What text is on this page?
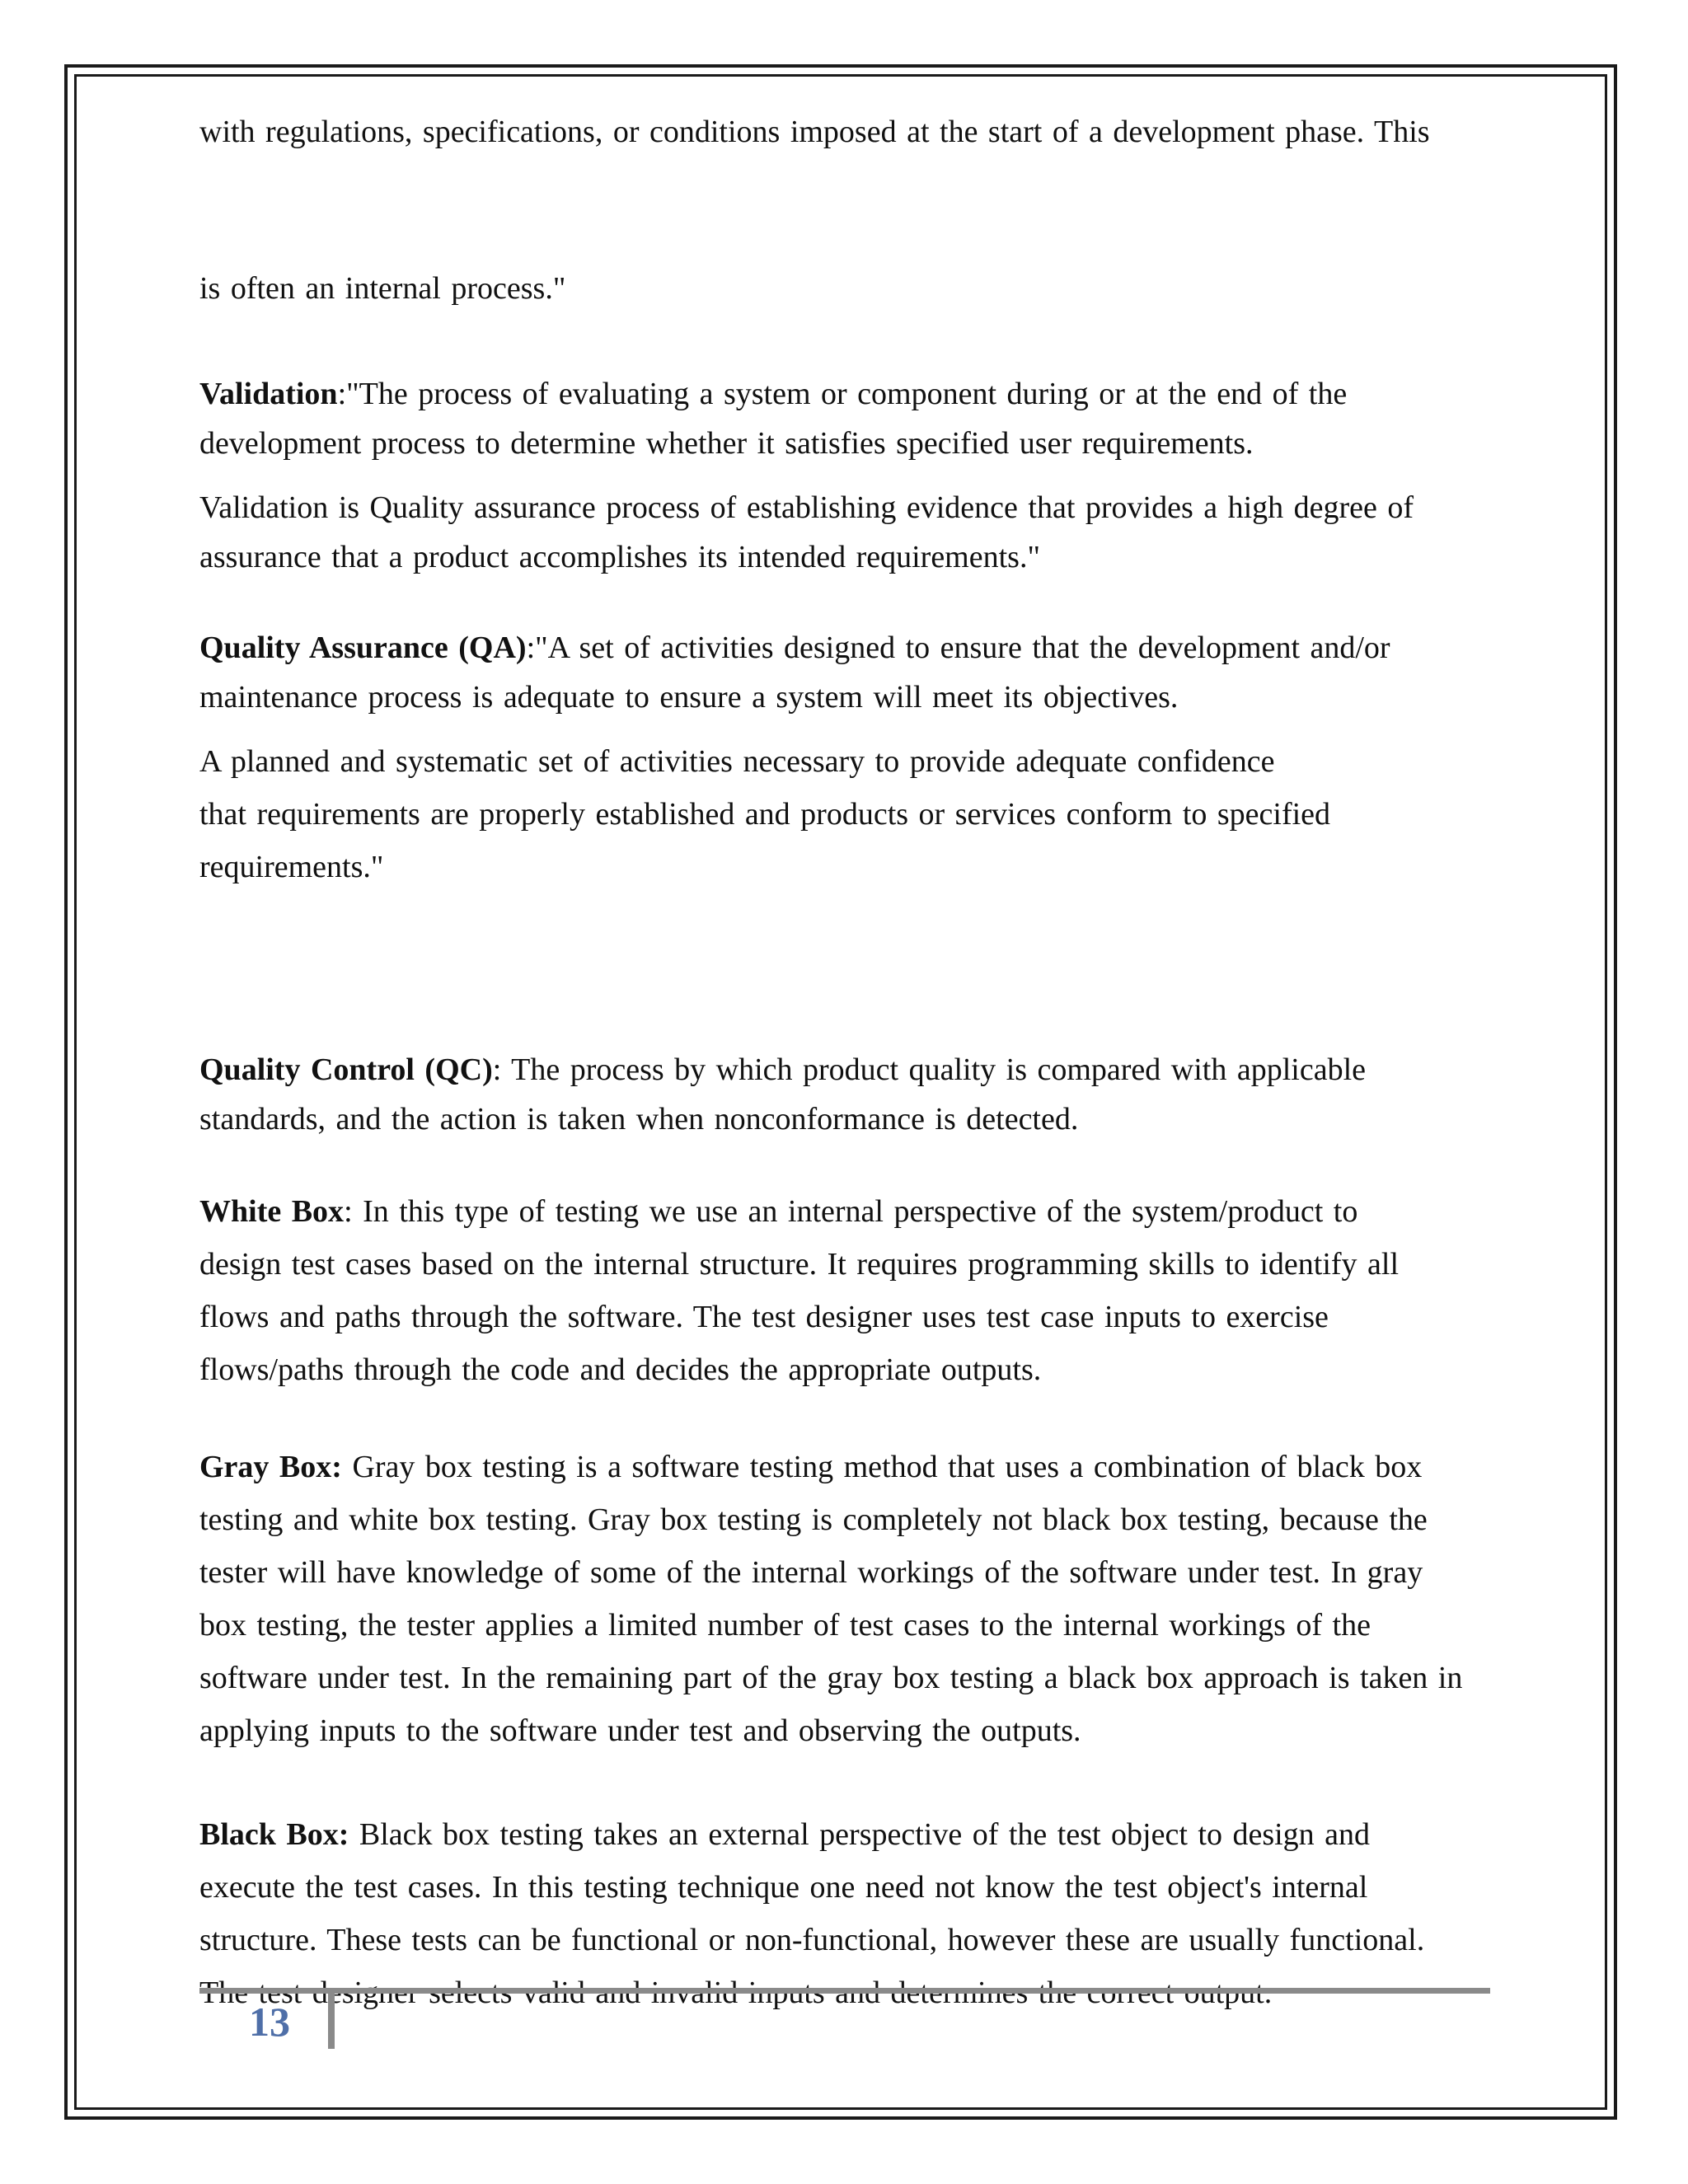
with regulations, specifications, or conditions imposed at the start of a development phase. This

is often an internal process."

Validation:"The process of evaluating a system or component during or at the end of the

development process to determine whether it satisfies specified user requirements.

Validation is Quality assurance process of establishing evidence that provides a high degree of

assurance that a product accomplishes its intended requirements."

Quality Assurance (QA):"A set of activities designed to ensure that the development and/or

maintenance process is adequate to ensure a system will meet its objectives.

A planned and systematic set of activities necessary to provide adequate confidence

that requirements are properly established and products or services conform to specified

requirements."

Quality Control (QC): The process by which product quality is compared with applicable

standards, and the action is taken when nonconformance is detected.

White Box: In this type of testing we use an internal perspective of the system/product to

design test cases based on the internal structure. It requires programming skills to identify all

flows and paths through the software. The test designer uses test case inputs to exercise

flows/paths through the code and decides the appropriate outputs.

Gray Box: Gray box testing is a software testing method that uses a combination of black box

testing and white box testing. Gray box testing is completely not black box testing, because the

tester will have knowledge of some of the internal workings of the software under test. In gray

box testing, the tester applies a limited number of test cases to the internal workings of the

software under test. In the remaining part of the gray box testing a black box approach is taken in

applying inputs to the software under test and observing the outputs.

Black Box: Black box testing takes an external perspective of the test object to design and

execute the test cases. In this testing technique one need not know the test object's internal

structure. These tests can be functional or non-functional, however these are usually functional.

13
